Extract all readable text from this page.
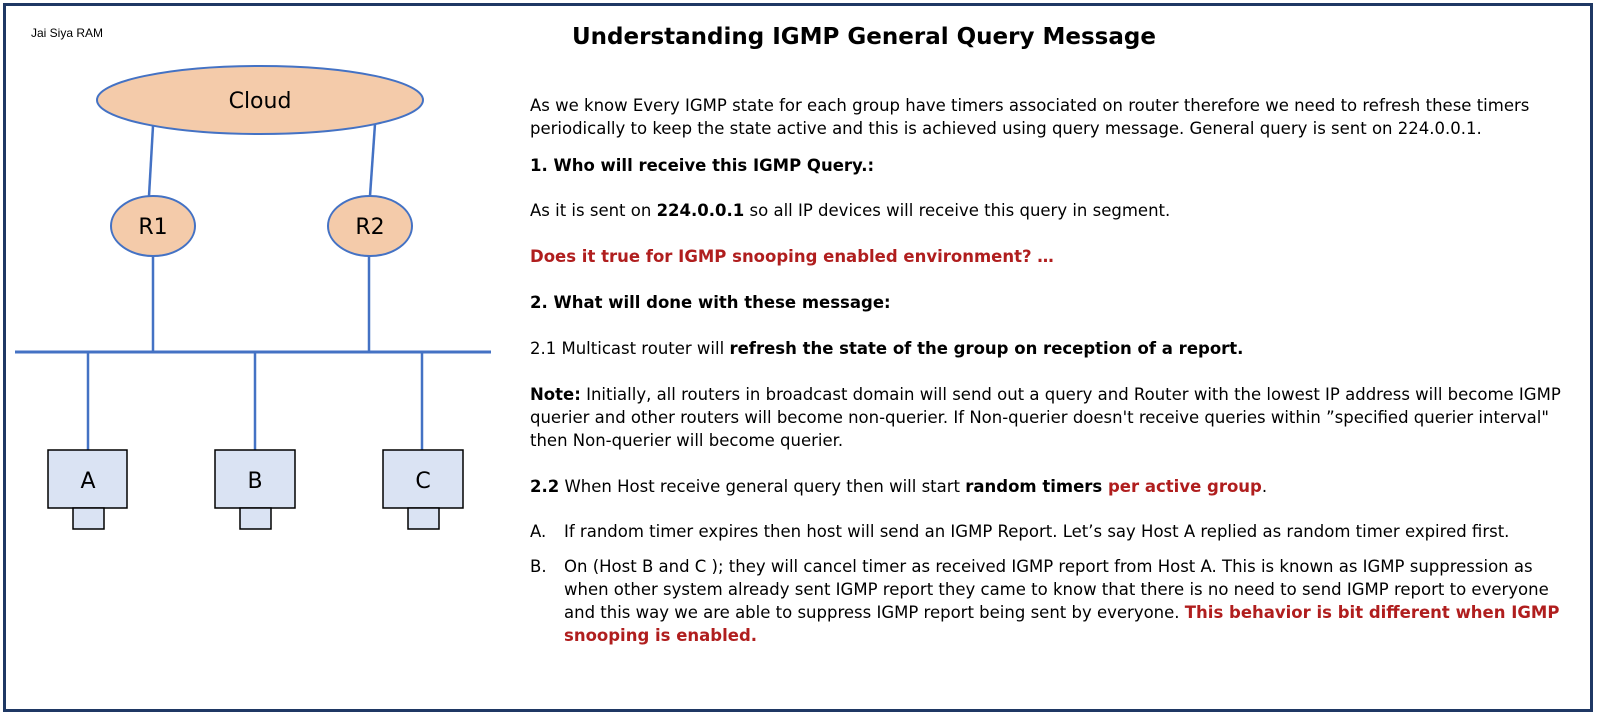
Jai Siya RAM
Cloud
R1	R2
A	B	C
Understanding IGMP General Query Message

As we know Every IGMP state for each group have timers associated on router therefore we need to refresh these timers periodically to keep the state active and this is achieved using query message. General query is sent on 224.0.0.1.

1. Who will receive this IGMP Query.:

As it is sent on 224.0.0.1 so all IP devices will receive this query in segment.

Does it true for IGMP snooping enabled environment? …

2. What will done with these message:

2.1 Multicast router will refresh the state of the group on reception of a report.

Note: Initially, all routers in broadcast domain will send out a query and Router with the lowest IP address will become IGMP querier and other routers will become non-querier. If Non-querier doesn't receive queries within ”specified querier interval" then Non-querier will become querier.

2.2 When Host receive general query then will start random timers per active group.

A. If random timer expires then host will send an IGMP Report. Let’s say Host A replied as random timer expired first.

B. On (Host B and C ); they will cancel timer as received IGMP report from Host A. This is known as IGMP suppression as when other system already sent IGMP report they came to know that there is no need to send IGMP report to everyone and this way we are able to suppress IGMP report being sent by everyone. This behavior is bit different when IGMP snooping is enabled.
